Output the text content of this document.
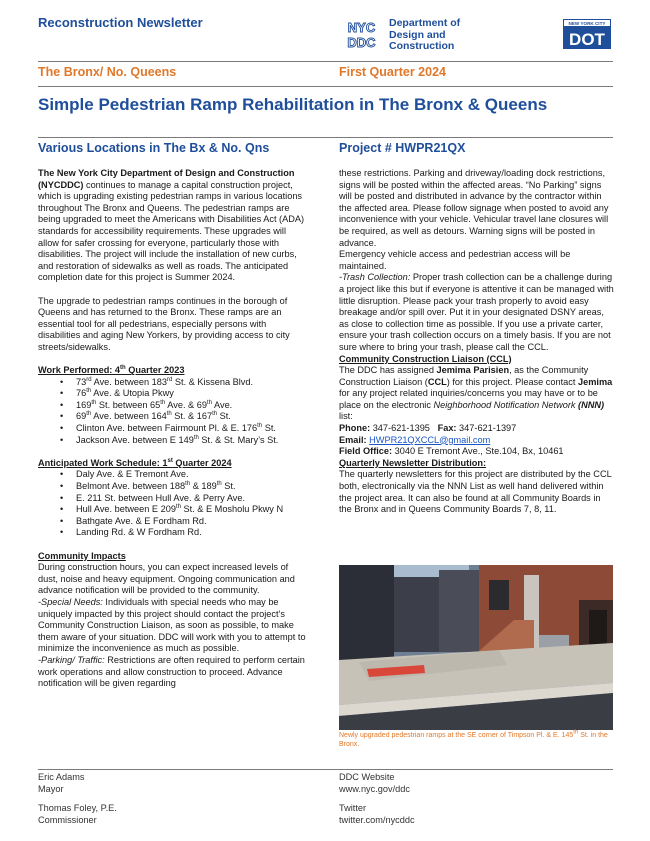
Reconstruction Newsletter	NYC
DDC
Department of
Design and
Construction
NEW YORK CITY
DOT
The Bronx/ No. Queens	First Quarter 2024
Simple Pedestrian Ramp Rehabilitation in The Bronx & Queens
Various Locations in The Bx & No. Qns	Project # HWPR21QX

The New York City Department of Design and Construction (NYCDDC) continues to manage a capital construction project, which is upgrading existing pedestrian ramps in various locations throughout The Bronx and Queens. The pedestrian ramps are being upgraded to meet the Americans with Disabilities Act (ADA) standards for accessibility requirements. These upgrades will allow for safer crossing for everyone, particularly those with disabilities. The project will include the installation of new curbs, and restoration of sidewalks as well as roads. The anticipated completion date for this project is Summer 2024.

The upgrade to pedestrian ramps continues in the borough of Queens and has returned to the Bronx. These ramps are an essential tool for all pedestrians, especially persons with disabilities and aging New Yorkers, by providing access to city streets/sidewalks.

Work Performed: 4th Quarter 2023

• 73rd Ave. between 183rd St. & Kissena Blvd.
• 76th Ave. & Utopia Pkwy
• 169th St. between 65th Ave. & 69th Ave.
• 69th Ave. between 164th St. & 167th St.
• Clinton Ave. between Fairmount Pl. & E. 176th St.
• Jackson Ave. between E 149th St. & St. Mary’s St.

Anticipated Work Schedule: 1st Quarter 2024

• Daly Ave. & E Tremont Ave.
• Belmont Ave. between 188th & 189th St.
• E. 211 St. between Hull Ave. & Perry Ave.
• Hull Ave. between E 209th St. & E Mosholu Pkwy N
• Bathgate Ave. & E Fordham Rd.
• Landing Rd. & W Fordham Rd.

Community Impacts

During construction hours, you can expect increased levels of dust, noise and heavy equipment. Ongoing communication and advance notification will be provided to the community.

-Special Needs: Individuals with special needs who may be uniquely impacted by this project should contact the project’s Community Construction Liaison, as soon as possible, to make them aware of your situation. DDC will work with you to attempt to minimize the inconvenience as much as possible.

-Parking/ Traffic: Restrictions are often required to perform certain work operations and allow construction to proceed. Advance notification will be given regarding

these restrictions. Parking and driveway/loading dock restrictions, signs will be posted within the affected areas. “No Parking” signs will be posted and distributed in advance by the contractor within the affected area. Please follow signage when posted to avoid any inconvenience with your vehicle. Vehicular travel lane closures will be required, as well as detours. Warning signs will be posted in advance.

Emergency vehicle access and pedestrian access will be maintained.

-Trash Collection: Proper trash collection can be a challenge during a project like this but if everyone is attentive it can be managed with little disruption. Please pack your trash properly to avoid easy breakage and/or spill over. Put it in your designated DSNY areas, as close to collection time as possible. If you use a private carter, ensure your trash collection occurs on a timely basis. If you are not sure where to bring your trash, please call the CCL.

Community Construction Liaison (CCL)

The DDC has assigned Jemima Parisien, as the Community Construction Liaison (CCL) for this project. Please contact Jemima for any project related inquiries/concerns you may have or to be place on the electronic Neighborhood Notification Network (NNN) list:

Phone: 347-621-1395 Fax: 347-621-1397

Email: HWPR21QXCCL@gmail.com

Field Office: 3040 E Tremont Ave., Ste.104, Bx, 10461

Quarterly Newsletter Distribution:

The quarterly newsletters for this project are distributed by the CCL both, electronically via the NNN List as well hand delivered within the project area. It can also be found at all Community Boards in the Bronx and in Queens Community Boards 7, 8, 11.

Newly upgraded pedestrian ramps at the SE corner of Timpson Pl. & E. 145th St. in the Bronx.
Eric Adams
Mayor
Thomas Foley, P.E.
Commissioner
DDC Website
www.nyc.gov/ddc
Twitter
twitter.com/nycddc
